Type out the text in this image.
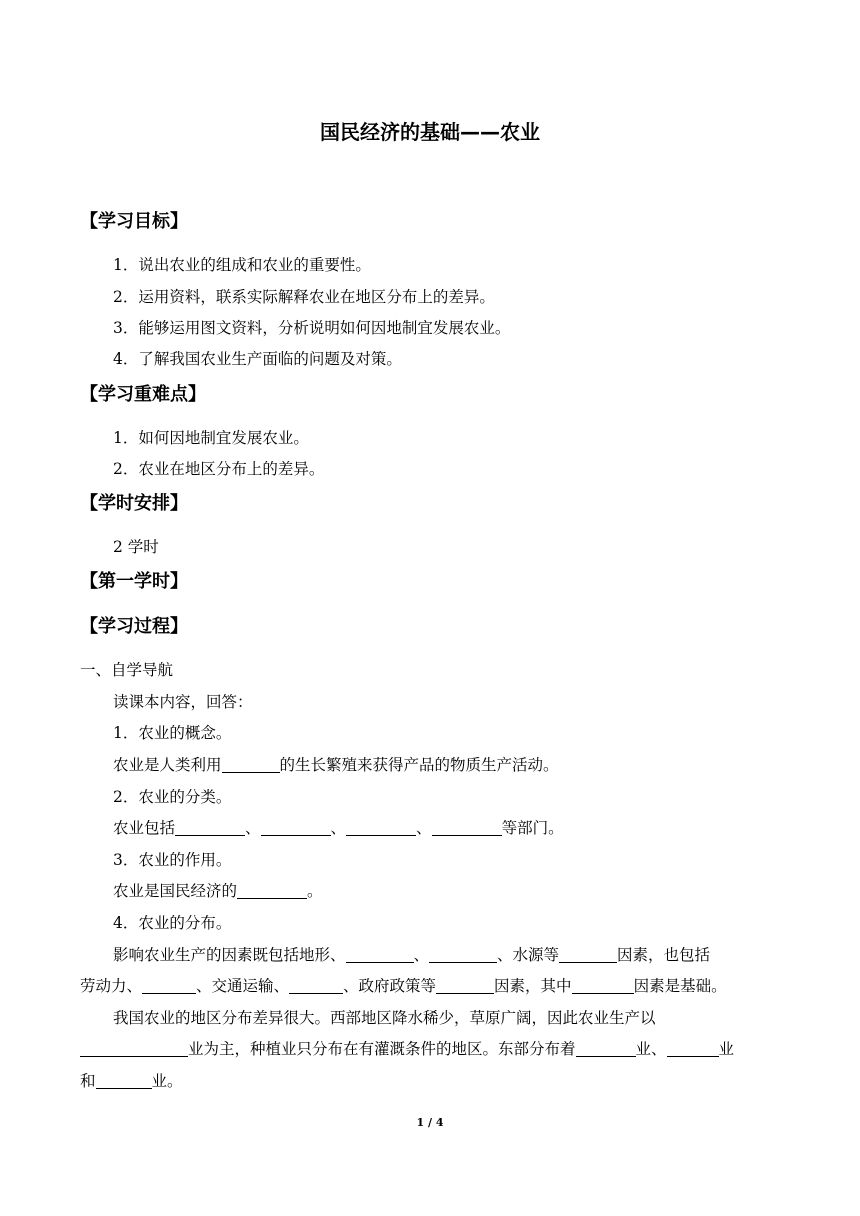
国民经济的基础——农业
【学习目标】
1．说出农业的组成和农业的重要性。
2．运用资料，联系实际解释农业在地区分布上的差异。
3．能够运用图文资料，分析说明如何因地制宜发展农业。
4．了解我国农业生产面临的问题及对策。
【学习重难点】
1．如何因地制宜发展农业。
2．农业在地区分布上的差异。
【学时安排】
2 学时
【第一学时】
【学习过程】
一、自学导航
读课本内容，回答：
1．农业的概念。
农业是人类利用	的生长繁殖来获得产品的物质生产活动。
2．农业的分类。
农业包括	、	、	、	等部门。
3．农业的作用。
农业是国民经济的	。
4．农业的分布。
影响农业生产的因素既包括地形、	、	、水源等	因素，也包括
劳动力、	、交通运输、	、政府政策等	因素，其中	因素是基础。
我国农业的地区分布差异很大。西部地区降水稀少，草原广阔，因此农业生产以
业为主，种植业只分布在有灌溉条件的地区。东部分布着	业、	业
和	业。
1 / 4
